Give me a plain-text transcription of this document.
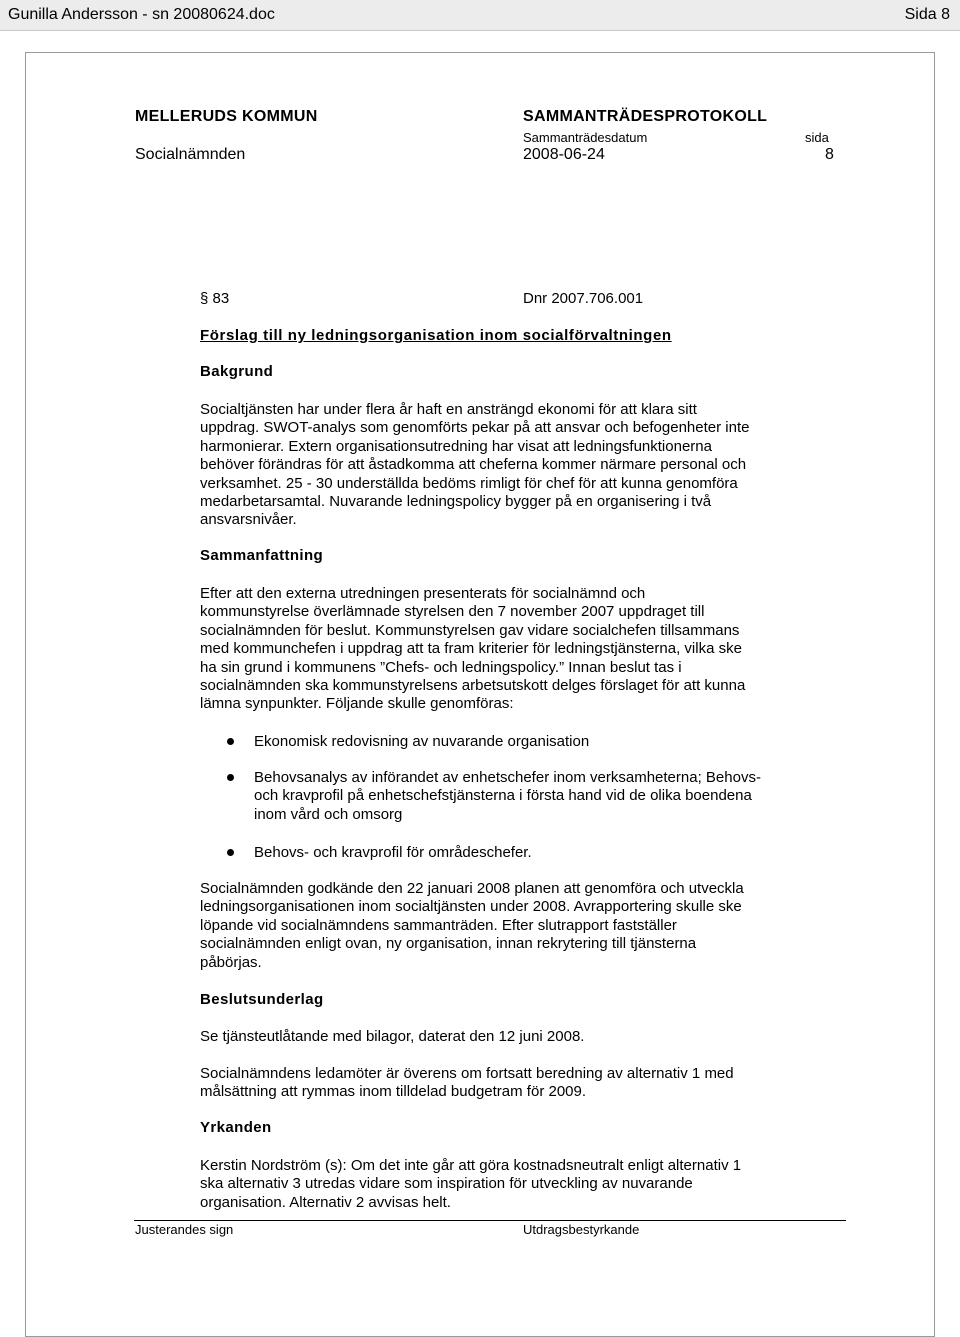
Gunilla Andersson - sn 20080624.doc	Sida 8
MELLERUDS KOMMUN	SAMMANTRÄDESPROTOKOLL
Sammanträdesdatum	sida
Socialnämnden	2008-06-24	8
§ 83	Dnr 2007.706.001
Förslag till ny ledningsorganisation inom socialförvaltningen
Bakgrund
Socialtjänsten har under flera år haft en ansträngd ekonomi för att klara sitt
uppdrag. SWOT-analys som genomförts pekar på att ansvar och befogenheter inte
harmonierar. Extern organisationsutredning har visat att ledningsfunktionerna
behöver förändras för att åstadkomma att cheferna kommer närmare personal och
verksamhet. 25 - 30 underställda bedöms rimligt för chef för att kunna genomföra
medarbetarsamtal. Nuvarande ledningspolicy bygger på en organisering i två
ansvarsnivåer.
Sammanfattning
Efter att den externa utredningen presenterats för socialnämnd och
kommunstyrelse överlämnade styrelsen den 7 november 2007 uppdraget till
socialnämnden för beslut. Kommunstyrelsen gav vidare socialchefen tillsammans
med kommunchefen i uppdrag att ta fram kriterier för ledningstjänsterna, vilka ske
ha sin grund i kommunens ”Chefs- och ledningspolicy.” Innan beslut tas i
socialnämnden ska kommunstyrelsens arbetsutskott delges förslaget för att kunna
lämna synpunkter. Följande skulle genomföras:
Ekonomisk redovisning av nuvarande organisation
Behovsanalys av införandet av enhetschefer inom verksamheterna; Behovs-
och kravprofil på enhetschefstjänsterna i första hand vid de olika boendena
inom vård och omsorg
Behovs- och kravprofil för områdeschefer.
Socialnämnden godkände den 22 januari 2008 planen att genomföra och utveckla
ledningsorganisationen inom socialtjänsten under 2008. Avrapportering skulle ske
löpande vid socialnämndens sammanträden. Efter slutrapport fastställer
socialnämnden enligt ovan, ny organisation, innan rekrytering till tjänsterna
påbörjas.
Beslutsunderlag
Se tjänsteutlåtande med bilagor, daterat den 12 juni 2008.
Socialnämndens ledamöter är överens om fortsatt beredning av alternativ 1 med
målsättning att rymmas inom tilldelad budgetram för 2009.
Yrkanden
Kerstin Nordström (s): Om det inte går att göra kostnadsneutralt enligt alternativ 1
ska alternativ 3 utredas vidare som inspiration för utveckling av nuvarande
organisation. Alternativ 2 avvisas helt.
Justerandes sign	Utdragsbestyrkande
